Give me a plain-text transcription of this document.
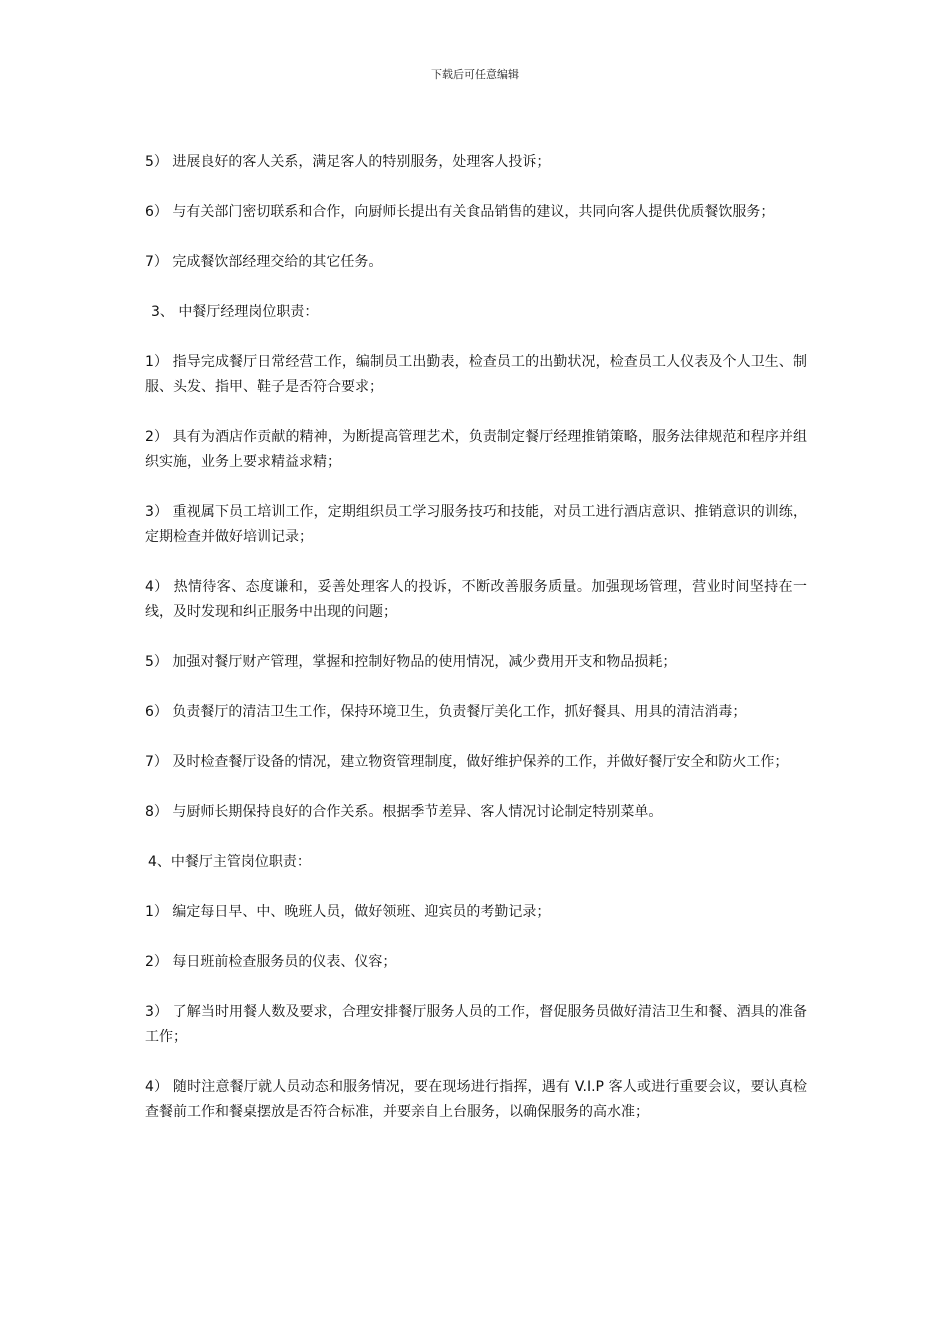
下载后可任意编辑

5） 进展良好的客人关系，满足客人的特别服务，处理客人投诉；

6） 与有关部门密切联系和合作，向厨师长提出有关食品销售的建议，共同向客人提供优质餐饮服务；

7） 完成餐饮部经理交给的其它任务。

3、 中餐厅经理岗位职责：

1） 指导完成餐厅日常经营工作，编制员工出勤表，检查员工的出勤状况，检查员工人仪表及个人卫生、制服、头发、指甲、鞋子是否符合要求；

2） 具有为酒店作贡献的精神，为断提高管理艺术，负责制定餐厅经理推销策略，服务法律规范和程序并组织实施，业务上要求精益求精；

3） 重视属下员工培训工作，定期组织员工学习服务技巧和技能，对员工进行酒店意识、推销意识的训练，定期检查并做好培训记录；

4） 热情待客、态度谦和，妥善处理客人的投诉，不断改善服务质量。加强现场管理，营业时间坚持在一线，及时发现和纠正服务中出现的问题；

5） 加强对餐厅财产管理，掌握和控制好物品的使用情况，减少费用开支和物品损耗；

6） 负责餐厅的清洁卫生工作，保持环境卫生，负责餐厅美化工作，抓好餐具、用具的清洁消毒；

7） 及时检查餐厅设备的情况，建立物资管理制度，做好维护保养的工作，并做好餐厅安全和防火工作；

8） 与厨师长期保持良好的合作关系。根据季节差异、客人情况讨论制定特别菜单。

4、中餐厅主管岗位职责：

1） 编定每日早、中、晚班人员，做好领班、迎宾员的考勤记录；

2） 每日班前检查服务员的仪表、仪容；

3） 了解当时用餐人数及要求，合理安排餐厅服务人员的工作，督促服务员做好清洁卫生和餐、酒具的准备工作；

4） 随时注意餐厅就人员动态和服务情况，要在现场进行指挥，遇有 V.I.P 客人或进行重要会议，要认真检查餐前工作和餐桌摆放是否符合标准，并要亲自上台服务，以确保服务的高水准；
